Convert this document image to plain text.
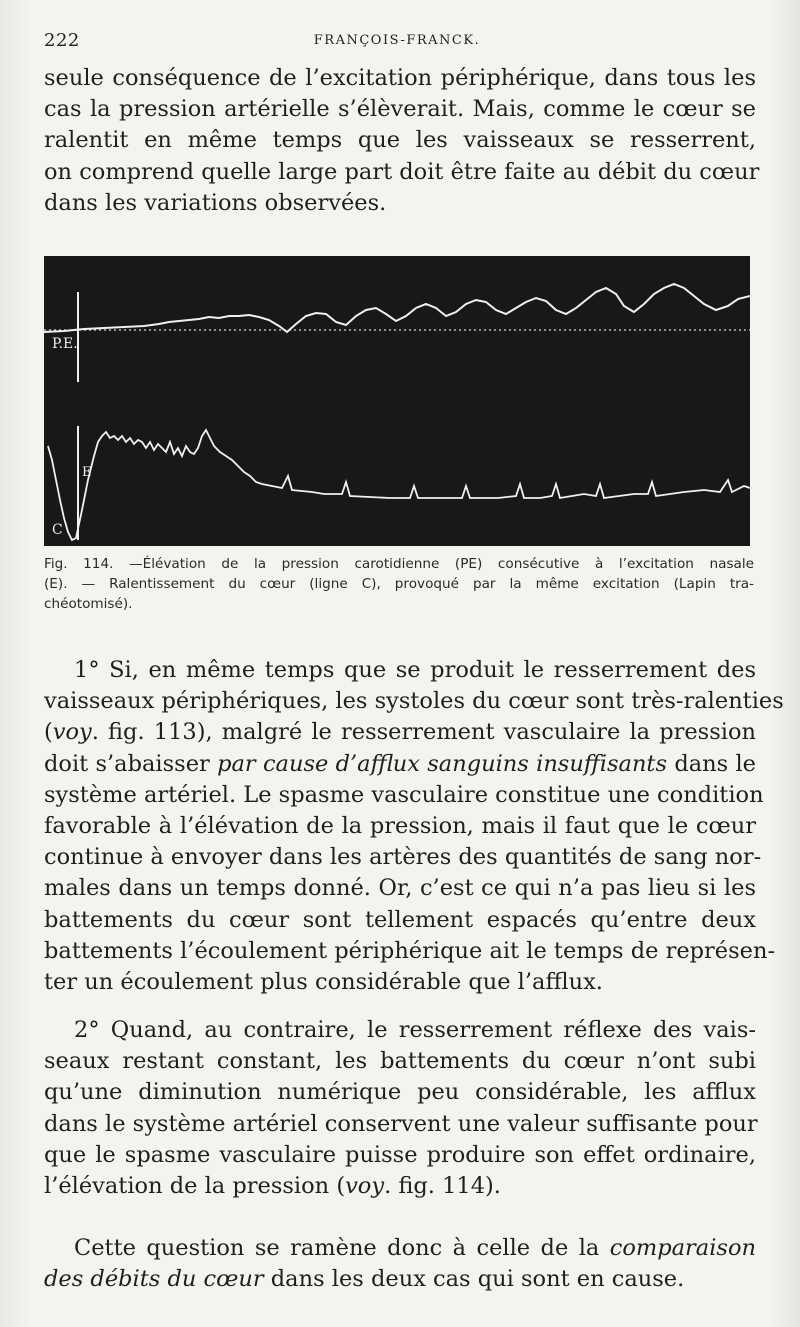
222	FRANÇOIS-FRANCK.
seule conséquence de l’excitation périphérique, dans tous les
cas la pression artérielle s’élèverait. Mais, comme le cœur se
ralentit en même temps que les vaisseaux se resserrent,
on comprend quelle large part doit être faite au débit du cœur
dans les variations observées.
P.E.
E
C
Fig. 114. —Élévation de la pression carotidienne (PE) consécutive à l’excitation nasale
(E). — Ralentissement du cœur (ligne C), provoqué par la même excitation (Lapin tra-
chéotomisé).
1° Si, en même temps que se produit le resserrement des
vaisseaux périphériques, les systoles du cœur sont très-ralenties
(voy. fig. 113), malgré le resserrement vasculaire la pression
doit s’abaisser par cause d’afflux sanguins insuffisants dans le
système artériel. Le spasme vasculaire constitue une condition
favorable à l’élévation de la pression, mais il faut que le cœur
continue à envoyer dans les artères des quantités de sang nor-
males dans un temps donné. Or, c’est ce qui n’a pas lieu si les
battements du cœur sont tellement espacés qu’entre deux
battements l’écoulement périphérique ait le temps de représen-
ter un écoulement plus considérable que l’afflux.
2° Quand, au contraire, le resserrement réflexe des vais-
seaux restant constant, les battements du cœur n’ont subi
qu’une diminution numérique peu considérable, les afflux
dans le système artériel conservent une valeur suffisante pour
que le spasme vasculaire puisse produire son effet ordinaire,
l’élévation de la pression (voy. fig. 114).
Cette question se ramène donc à celle de la comparaison
des débits du cœur dans les deux cas qui sont en cause.
